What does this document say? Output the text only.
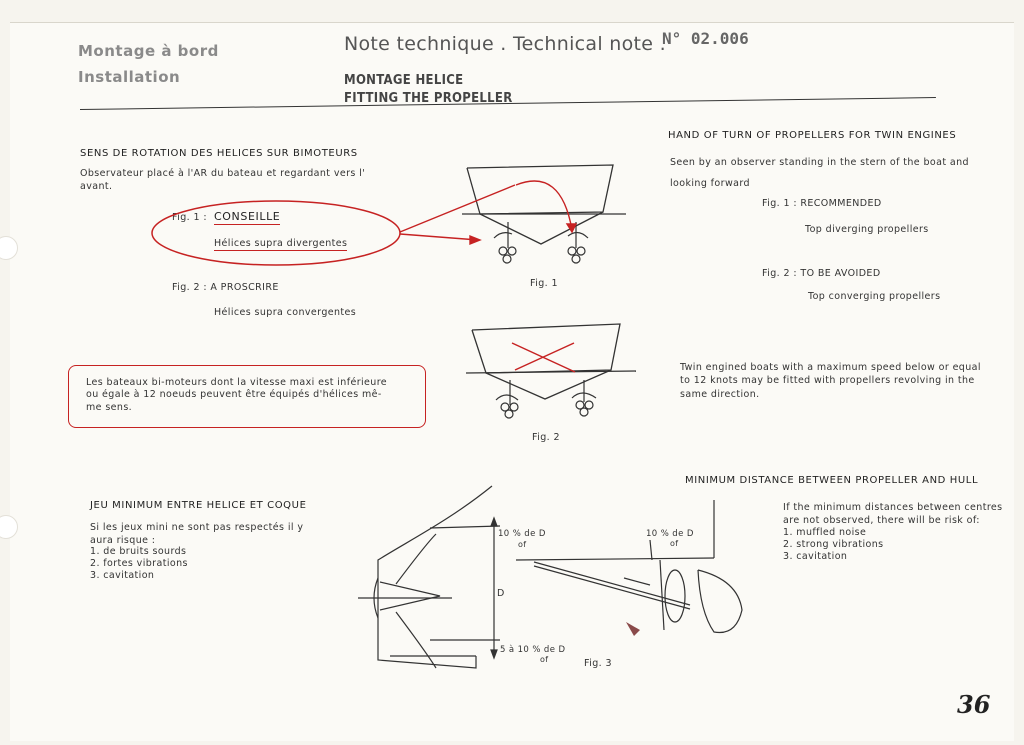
Montage à bord
Installation
Note technique . Technical note .
N° 02.006
MONTAGE HELICE
FITTING THE PROPELLER
SENS DE ROTATION DES HELICES SUR BIMOTEURS
Observateur placé à l'AR du bateau et regardant vers l'
avant.
Fig. 1 : CONSEILLE
Hélices supra divergentes
Fig. 2 : A PROSCRIRE
Hélices supra convergentes
Les bateaux bi-moteurs dont la vitesse maxi est inférieure
ou égale à 12 noeuds peuvent être équipés d'hélices mê-
me sens.
HAND OF TURN OF PROPELLERS FOR TWIN ENGINES
Seen by an observer standing in the stern of the boat and
looking forward
Fig. 1 : RECOMMENDED
Top diverging propellers
Fig. 2 : TO BE AVOIDED
Top converging propellers
Twin engined boats with a maximum speed below or equal
to 12 knots may be fitted with propellers revolving in the
same direction.
Fig. 1
Fig. 2
JEU MINIMUM ENTRE HELICE ET COQUE
Si les jeux mini ne sont pas respectés il y
aura risque :
1. de bruits sourds
2. fortes vibrations
3. cavitation
10 % de D
of
D
5 à 10 % de D
of
10 % de D
of
Fig. 3
MINIMUM DISTANCE BETWEEN PROPELLER AND HULL
If the minimum distances between centres
are not observed, there will be risk of:
1. muffled noise
2. strong vibrations
3. cavitation
36
